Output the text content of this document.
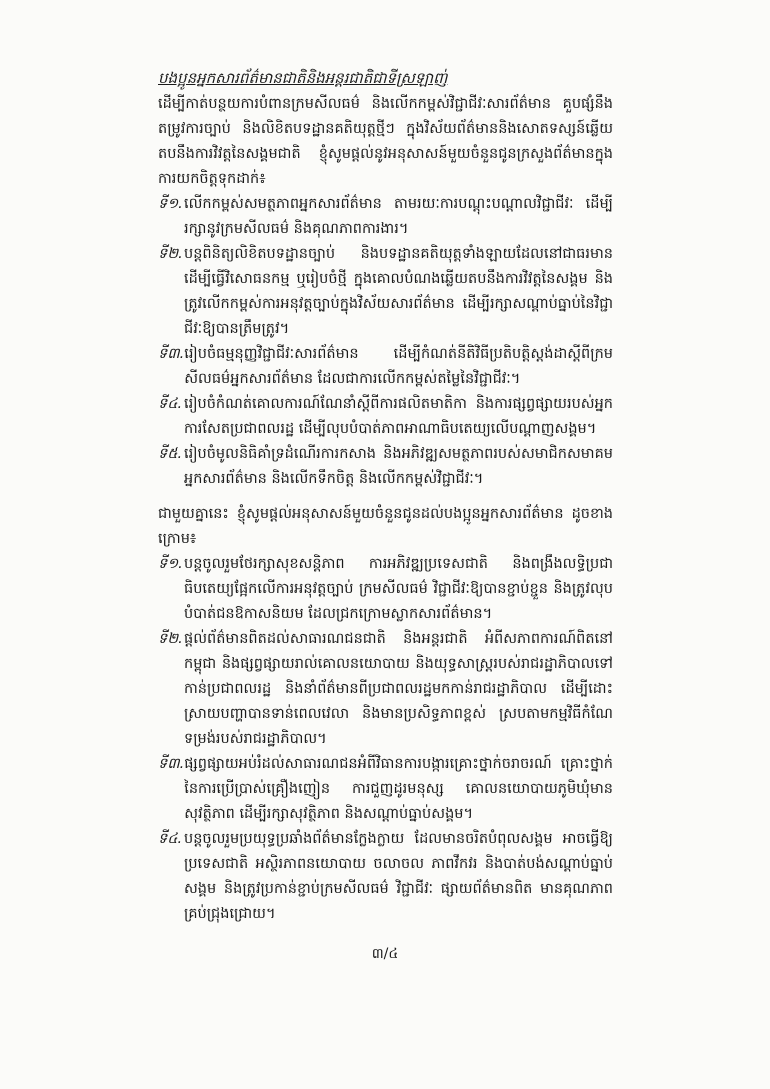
បងប្អូនអ្នកសារព័ត៌មានជាតិនិងអន្តរជាតិជាទីស្រឡាញ់

ដើម្បីកាត់បន្ថយការបំពានក្រមសីលធម៌ និងលើកកម្ពស់វិជ្ជាជីវៈសារព័ត៌មាន គួបផ្សំនឹងតម្រូវការច្បាប់ និងលិខិតបទដ្ឋានគតិយុត្តថ្មីៗ ក្នុងវិស័យព័ត៌មាននិងសោតទស្សន៍ឆ្លើយតបនឹងការវិវត្តនៃសង្គមជាតិ ខ្ញុំសូមផ្ដល់នូវអនុសាសន៍មួយចំនួនជូនក្រសួងព័ត៌មានក្នុងការយកចិត្តទុកដាក់៖

ទី១. លើកកម្ពស់សមត្ថភាពអ្នកសារព័ត៌មាន តាមរយៈការបណ្ដុះបណ្ដាលវិជ្ជាជីវៈ ដើម្បីរក្សានូវក្រមសីលធម៌ និងគុណភាពការងារ។
ទី២. បន្តពិនិត្យលិខិតបទដ្ឋានច្បាប់ និងបទដ្ឋានគតិយុត្តទាំងឡាយដែលនៅជាធរមាន ដើម្បីធ្វើវិសោធនកម្ម ឬរៀបចំថ្មី ក្នុងគោលបំណងឆ្លើយតបនឹងការវិវត្តនៃសង្គម និងត្រូវលើកកម្ពស់ការអនុវត្តច្បាប់ក្នុងវិស័យសារព័ត៌មាន ដើម្បីរក្សាសណ្ដាប់ធ្នាប់នៃវិជ្ជាជីវៈឱ្យបានត្រឹមត្រូវ។
ទី៣. រៀបចំធម្មនុញ្ញវិជ្ជាជីវៈសារព័ត៌មាន ដើម្បីកំណត់នីតិវិធីប្រតិបត្តិស្ដង់ដាស្ដីពីក្រមសីលធម៌អ្នកសារព័ត៌មាន ដែលជាការលើកកម្ពស់តម្លៃនៃវិជ្ជាជីវៈ។
ទី៤. រៀបចំកំណត់គោលការណ៍ណែនាំស្ដីពីការផលិតមាតិកា និងការផ្សព្វផ្សាយរបស់អ្នកការសែតប្រជាពលរដ្ឋ ដើម្បីលុបបំបាត់ភាពអាណាធិបតេយ្យលើបណ្ដាញសង្គម។
ទី៥. រៀបចំមូលនិធិគាំទ្រដំណើរការកសាង និងអភិវឌ្ឍសមត្ថភាពរបស់សមាជិកសមាគមអ្នកសារព័ត៌មាន និងលើកទឹកចិត្ត និងលើកកម្ពស់វិជ្ជាជីវៈ។

ជាមួយគ្នានេះ ខ្ញុំសូមផ្ដល់អនុសាសន៍មួយចំនួនជូនដល់បងប្អូនអ្នកសារព័ត៌មាន ដូចខាងក្រោម៖

ទី១. បន្តចូលរួមថែរក្សាសុខសន្តិភាព ការអភិវឌ្ឍប្រទេសជាតិ និងពង្រឹងលទ្ធិប្រជាធិបតេយ្យផ្អែកលើការអនុវត្តច្បាប់ ក្រមសីលធម៌ វិជ្ជាជីវៈឱ្យបានខ្ជាប់ខ្ជួន និងត្រូវលុបបំបាត់ជនឱកាសនិយម ដែលជ្រកក្រោមស្លាកសារព័ត៌មាន។
ទី២. ផ្ដល់ព័ត៌មានពិតដល់សាធារណជនជាតិ និងអន្តរជាតិ អំពីសភាពការណ៍ពិតនៅកម្ពុជា និងផ្សព្វផ្សាយរាល់គោលនយោបាយ និងយុទ្ធសាស្ត្ររបស់រាជរដ្ឋាភិបាលទៅកាន់ប្រជាពលរដ្ឋ និងនាំព័ត៌មានពីប្រជាពលរដ្ឋមកកាន់រាជរដ្ឋាភិបាល ដើម្បីដោះស្រាយបញ្ហាបានទាន់ពេលវេលា និងមានប្រសិទ្ធភាពខ្ពស់ ស្របតាមកម្មវិធីកំណែទម្រង់របស់រាជរដ្ឋាភិបាល។
ទី៣. ផ្សព្វផ្សាយអប់រំដល់សាធារណជនអំពីវិធានការបង្ការគ្រោះថ្នាក់ចរាចរណ៍ គ្រោះថ្នាក់នៃការប្រើប្រាស់គ្រឿងញៀន ការជួញដូរមនុស្ស គោលនយោបាយភូមិឃុំមានសុវត្ថិភាព ដើម្បីរក្សាសុវត្ថិភាព និងសណ្ដាប់ធ្នាប់សង្គម។
ទី៤. បន្តចូលរួមប្រយុទ្ធប្រឆាំងព័ត៌មានក្លែងក្លាយ ដែលមានចរិតបំពុលសង្គម អាចធ្វើឱ្យប្រទេសជាតិ អស្ថិរភាពនយោបាយ ចលាចល ភាពវឹកវរ និងបាត់បង់សណ្ដាប់ធ្នាប់សង្គម និងត្រូវប្រកាន់ខ្ជាប់ក្រមសីលធម៌ វិជ្ជាជីវៈ ផ្សាយព័ត៌មានពិត មានគុណភាព គ្រប់ជ្រុងជ្រោយ។
៣/៤
